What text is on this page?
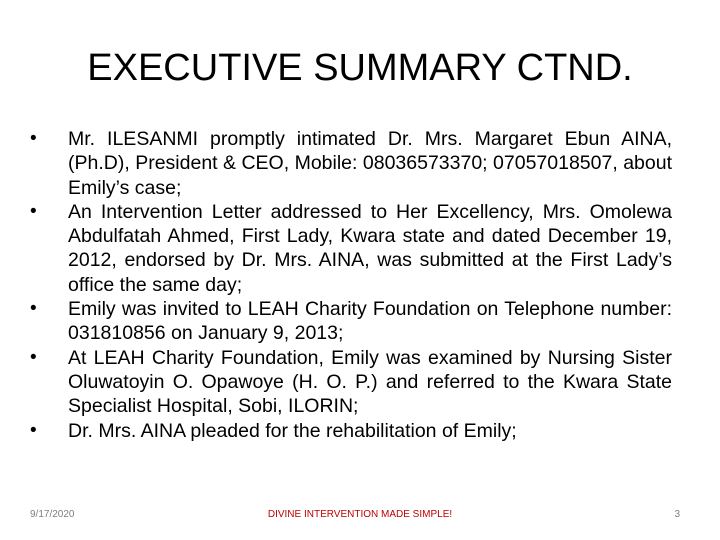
EXECUTIVE SUMMARY CTND.
•	Mr. ILESANMI promptly intimated Dr. Mrs. Margaret Ebun AINA, (Ph.D), President & CEO, Mobile: 08036573370; 07057018507, about Emily’s case;
•	An Intervention Letter addressed to Her Excellency, Mrs. Omolewa Abdulfatah Ahmed, First Lady, Kwara state and dated December 19, 2012, endorsed by Dr. Mrs. AINA, was submitted at the First Lady’s office the same day;
•	Emily was invited to LEAH Charity Foundation on Telephone number: 031810856 on January 9, 2013;
•	At LEAH Charity Foundation, Emily was examined by Nursing Sister Oluwatoyin O. Opawoye (H. O. P.) and referred to the Kwara State Specialist Hospital, Sobi, ILORIN;
•	Dr. Mrs. AINA pleaded for the rehabilitation of Emily;
9/17/2020	DIVINE INTERVENTION MADE SIMPLE!	3
